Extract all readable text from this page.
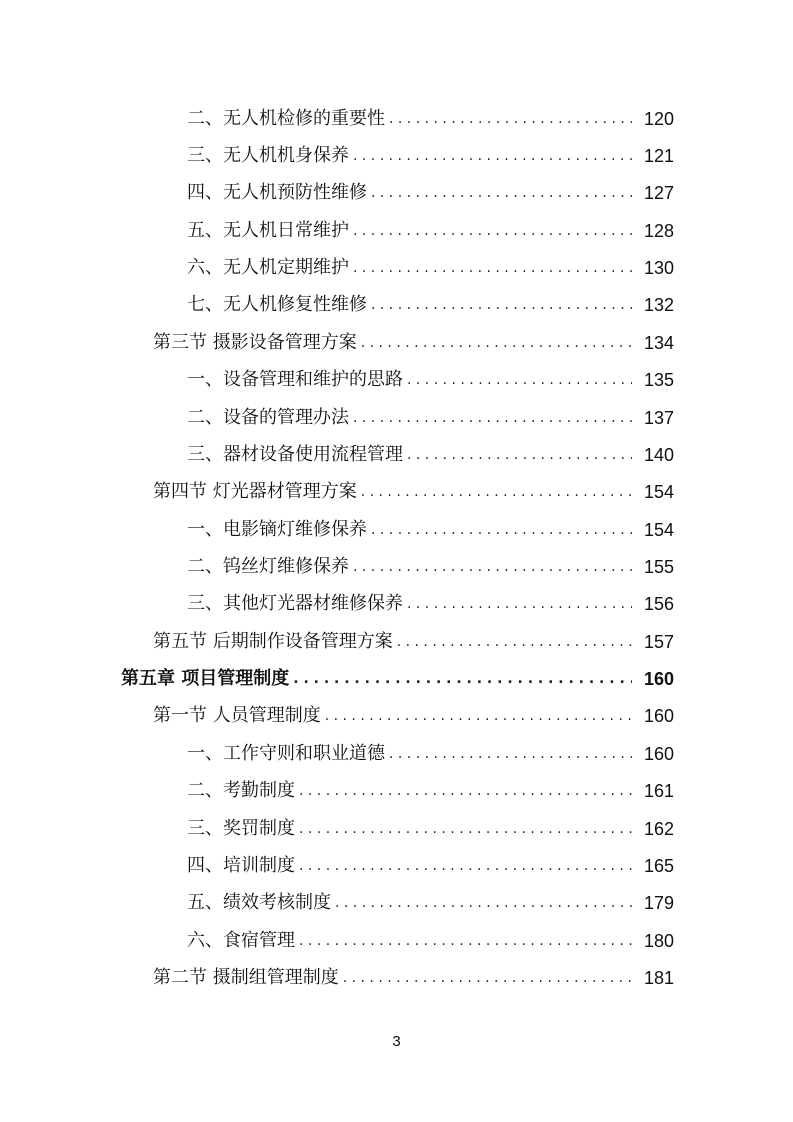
二、无人机检修的重要性 . . .	120
三、无人机机身保养 . . .	121
四、无人机预防性维修 . . .	127
五、无人机日常维护 . . .	128
六、无人机定期维护 . . .	130
七、无人机修复性维修 . . .	132
第三节 摄影设备管理方案 . . .	134
一、设备管理和维护的思路 . . .	135
二、设备的管理办法 . . .	137
三、器材设备使用流程管理 . . .	140
第四节 灯光器材管理方案 . . .	154
一、电影镝灯维修保养 . . .	154
二、钨丝灯维修保养 . . .	155
三、其他灯光器材维修保养 . . .	156
第五节 后期制作设备管理方案 . . .	157
第五章 项目管理制度 . . .	160
第一节 人员管理制度 . . .	160
一、工作守则和职业道德 . . .	160
二、考勤制度 . . .	161
三、奖罚制度 . . .	162
四、培训制度 . . .	165
五、绩效考核制度 . . .	179
六、食宿管理 . . .	180
第二节 摄制组管理制度 . . .	181
3
